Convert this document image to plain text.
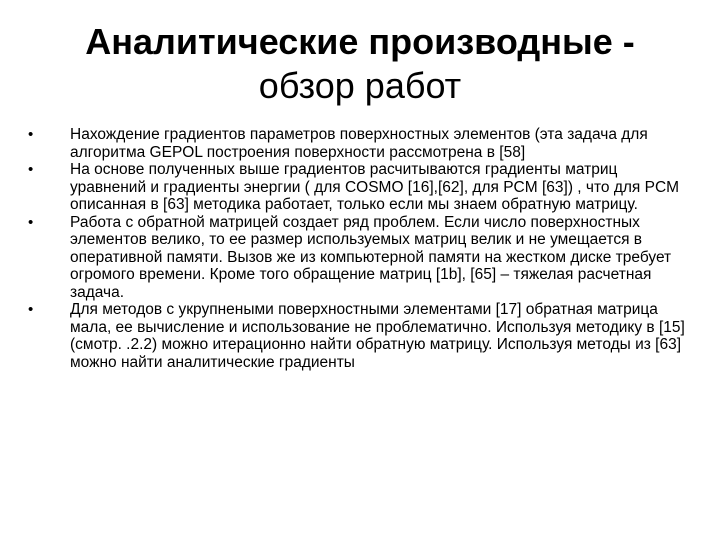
Аналитические производные -
обзор работ
•	Нахождение градиентов параметров поверхностных элементов (эта задача для алгоритма GEPOL построения поверхности рассмотрена в [58]
•	На основе полученных выше градиентов расчитываются градиенты матриц уравнений и градиенты энергии ( для COSMO [16],[62], для PCM [63]) , что для PCM описанная в [63] методика работает, только если мы знаем обратную матрицу.
•	Работа с обратной матрицей создает ряд проблем. Если число поверхностных элементов велико, то ее размер используемых матриц велик и не умещается в оперативной памяти. Вызов же из компьютерной памяти на жестком диске требует огромого времени. Кроме того обращение матриц [1b], [65] – тяжелая расчетная задача.
•	Для методов с укрупнеными поверхностными элементами [17] обратная матрица мала, ее вычисление и использование не проблематично. Используя методику в [15] (смотр. .2.2) можно итерационно найти обратную матрицу. Используя методы из [63] можно найти аналитические градиенты
